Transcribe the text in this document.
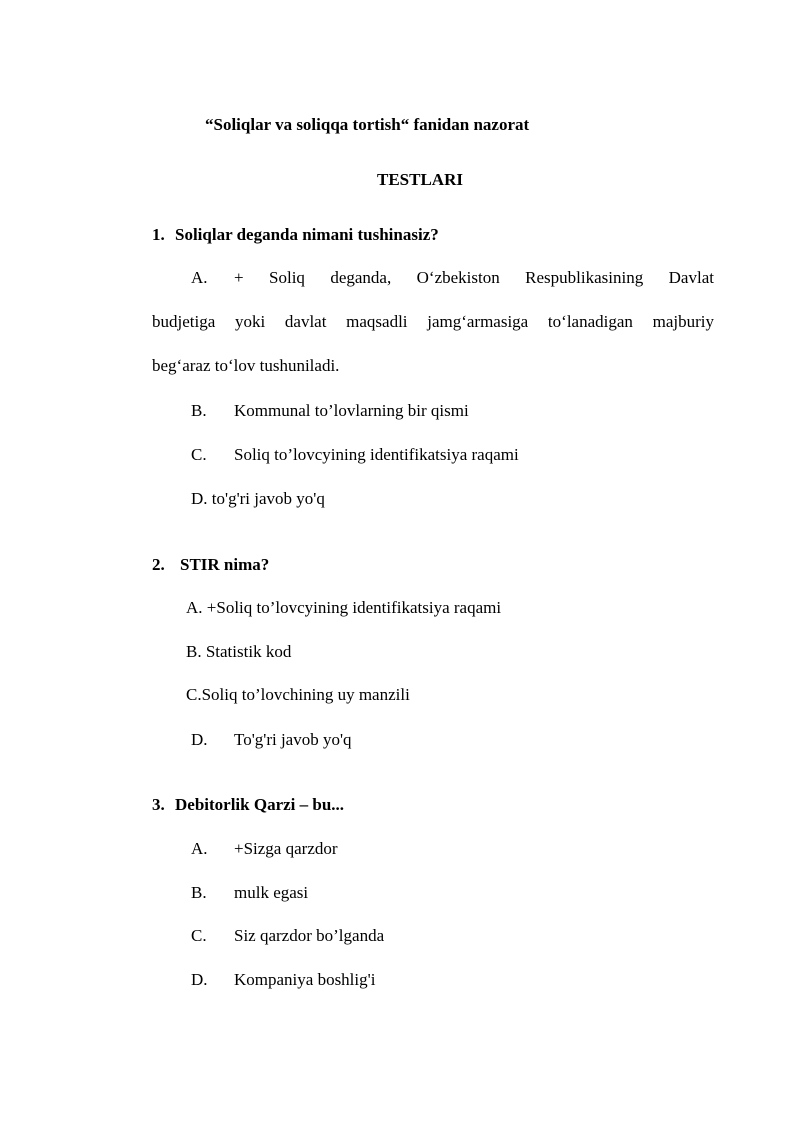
“Soliqlar va soliqqa tortish“ fanidan nazorat
TESTLARI
1. Soliqlar deganda nimani tushinasiz?
A. + Soliq deganda, O‘zbekiston Respublikasining Davlat
budjetiga yoki davlat maqsadli jamg‘armasiga to‘lanadigan majburiy
beg‘araz to‘lov tushuniladi.
B. Kommunal to’lovlarning bir qismi
C. Soliq to’lovcyining identifikatsiya raqami
D. to'g'ri javob yo'q
2. STIR nima?
A. +Soliq to’lovcyining identifikatsiya raqami
B. Statistik kod
C.Soliq to’lovchining uy manzili
D. To'g'ri javob yo'q
3. Debitorlik Qarzi – bu...
A. +Sizga qarzdor
B. mulk egasi
C. Siz qarzdor bo’lganda
D. Kompaniya boshlig'i
